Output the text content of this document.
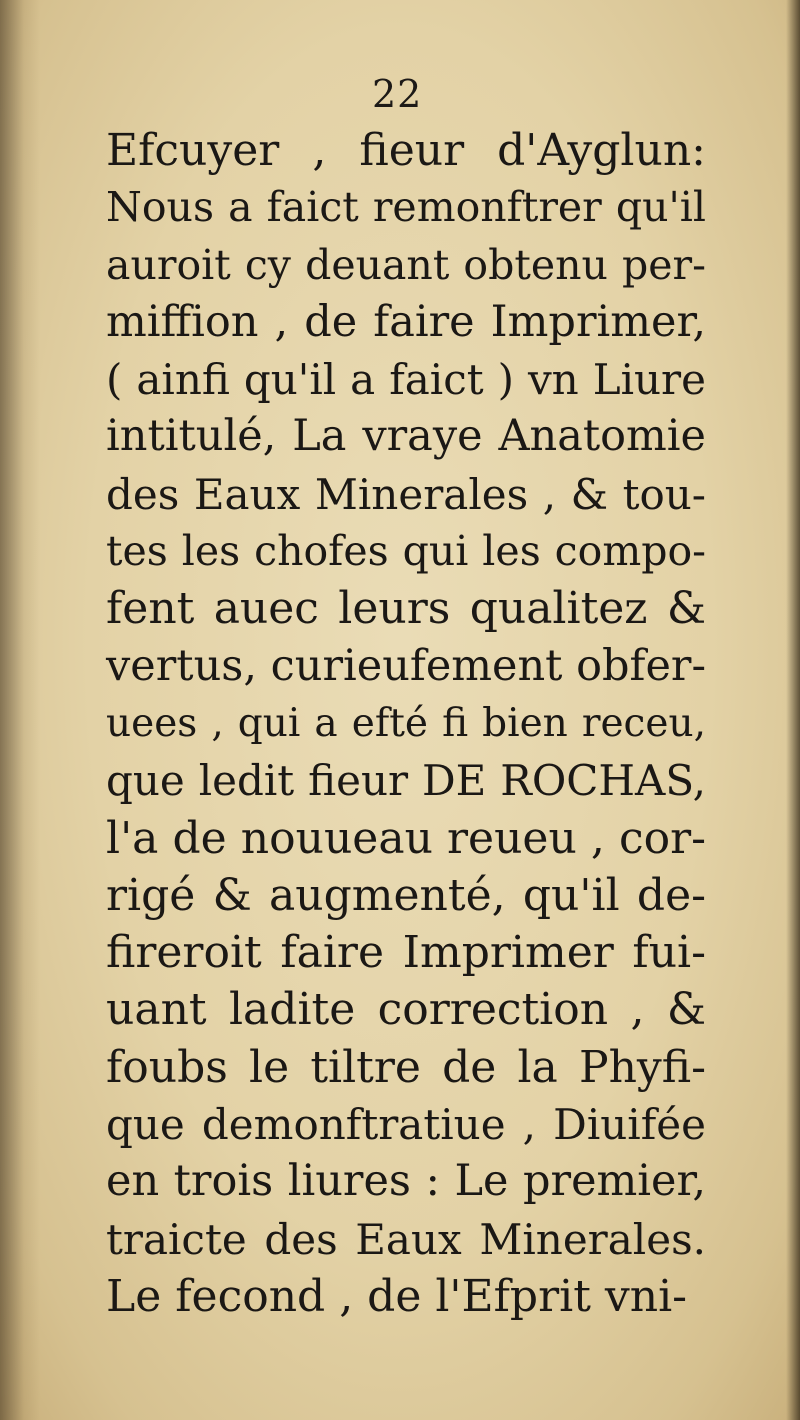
22
Efcuyer , fieur d'Ayglun:
Nous a faict remonftrer qu'il
auroit cy deuant obtenu per-
miffion , de faire Imprimer,
( ainfi qu'il a faict ) vn Liure
intitulé, La vraye Anatomie
des Eaux Minerales , & tou-
tes les chofes qui les compo-
fent auec leurs qualitez &
vertus, curieufement obfer-
uees , qui a efté fi bien receu,
que ledit fieur DE ROCHAS,
l'a de nouueau reueu , cor-
rigé & augmenté, qu'il de-
fireroit faire Imprimer fui-
uant ladite correction , &
foubs le tiltre de la Phyfi-
que demonftratiue , Diuifée
en trois liures : Le premier,
traicte des Eaux Minerales.
Le fecond , de l'Efprit vni-
